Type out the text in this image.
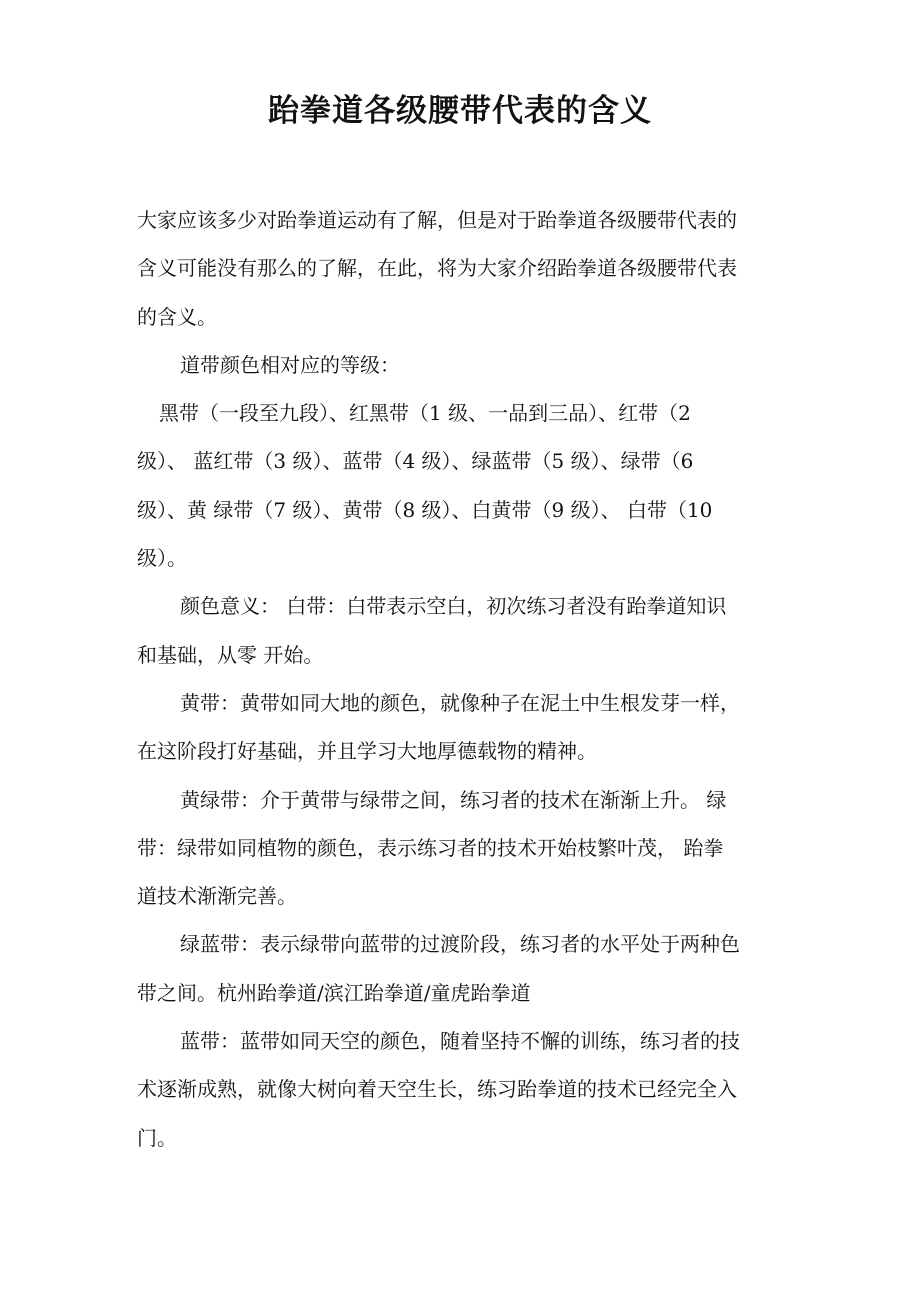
跆拳道各级腰带代表的含义

大家应该多少对跆拳道运动有了解，但是对于跆拳道各级腰带代表的
含义可能没有那么的了解，在此，将为大家介绍跆拳道各级腰带代表
的含义。

道带颜色相对应的等级：

黑带（一段至九段）、红黑带（1 级、一品到三品）、红带（2
级）、 蓝红带（3 级）、蓝带（4 级）、绿蓝带（5 级）、绿带（6
级）、黄 绿带（7 级）、黄带（8 级）、白黄带（9 级）、 白带（10
级）。

颜色意义： 白带：白带表示空白，初次练习者没有跆拳道知识
和基础，从零 开始。

黄带：黄带如同大地的颜色，就像种子在泥土中生根发芽一样，
在这阶段打好基础，并且学习大地厚德载物的精神。

黄绿带：介于黄带与绿带之间，练习者的技术在渐渐上升。 绿
带：绿带如同植物的颜色，表示练习者的技术开始枝繁叶茂， 跆拳
道技术渐渐完善。

绿蓝带：表示绿带向蓝带的过渡阶段，练习者的水平处于两种色
带之间。杭州跆拳道/滨江跆拳道/童虎跆拳道

蓝带：蓝带如同天空的颜色，随着坚持不懈的训练，练习者的技
术逐渐成熟，就像大树向着天空生长，练习跆拳道的技术已经完全入
门。
